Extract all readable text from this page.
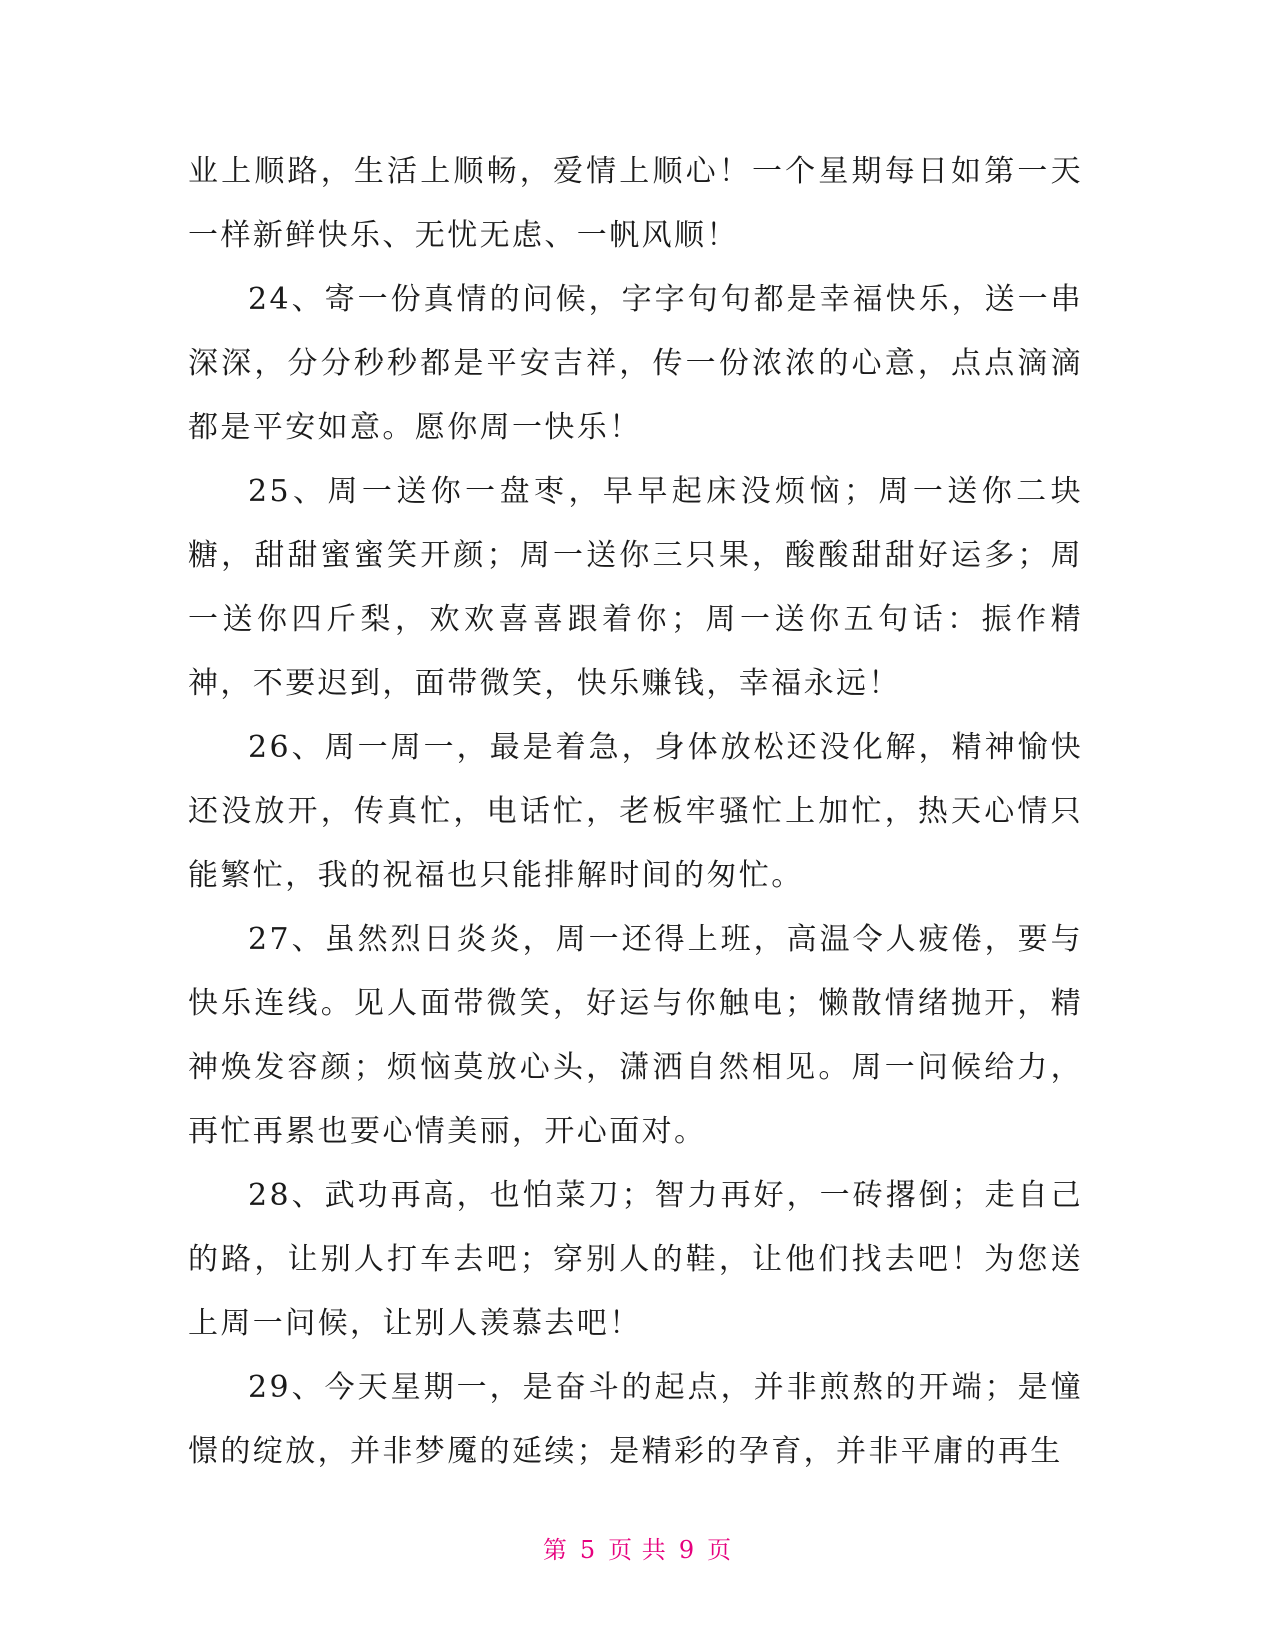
业上顺路，生活上顺畅，爱情上顺心！一个星期每日如第一天一样新鲜快乐、无忧无虑、一帆风顺！

24、寄一份真情的问候，字字句句都是幸福快乐，送一串深深，分分秒秒都是平安吉祥，传一份浓浓的心意，点点滴滴都是平安如意。愿你周一快乐！

25、周一送你一盘枣，早早起床没烦恼；周一送你二块糖，甜甜蜜蜜笑开颜；周一送你三只果，酸酸甜甜好运多；周一送你四斤梨，欢欢喜喜跟着你；周一送你五句话：振作精神，不要迟到，面带微笑，快乐赚钱，幸福永远！

26、周一周一，最是着急，身体放松还没化解，精神愉快还没放开，传真忙，电话忙，老板牢骚忙上加忙，热天心情只能繁忙，我的祝福也只能排解时间的匆忙。

27、虽然烈日炎炎，周一还得上班，高温令人疲倦，要与快乐连线。见人面带微笑，好运与你触电；懒散情绪抛开，精神焕发容颜；烦恼莫放心头，潇洒自然相见。周一问候给力，再忙再累也要心情美丽，开心面对。

28、武功再高，也怕菜刀；智力再好，一砖撂倒；走自己的路，让别人打车去吧；穿别人的鞋，让他们找去吧！为您送上周一问候，让别人羡慕去吧！

29、今天星期一，是奋斗的起点，并非煎熬的开端；是憧憬的绽放，并非梦魇的延续；是精彩的孕育，并非平庸的再生

第 5 页 共 9 页
